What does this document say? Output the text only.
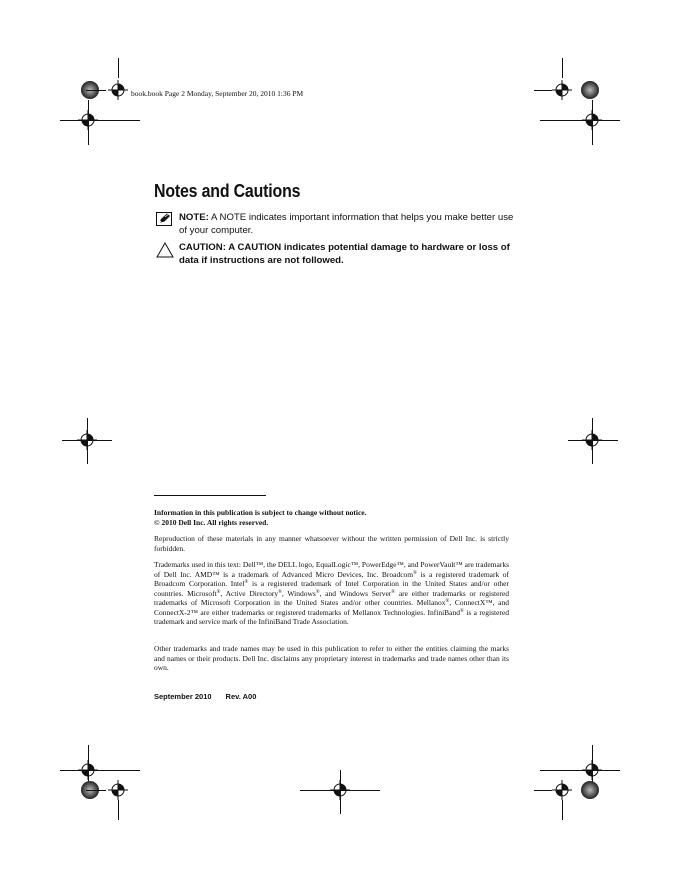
book.book Page 2 Monday, September 20, 2010 1:36 PM
Notes and Cautions
NOTE: A NOTE indicates important information that helps you make better use of your computer.
CAUTION: A CAUTION indicates potential damage to hardware or loss of data if instructions are not followed.
Information in this publication is subject to change without notice.
© 2010 Dell Inc. All rights reserved.
Reproduction of these materials in any manner whatsoever without the written permission of Dell Inc. is strictly forbidden.
Trademarks used in this text: Dell™, the DELL logo, EqualLogic™, PowerEdge™, and PowerVault™ are trademarks of Dell Inc. AMD™ is a trademark of Advanced Micro Devices, Inc. Broadcom® is a registered trademark of Broadcom Corporation. Intel® is a registered trademark of Intel Corporation in the United States and/or other countries. Microsoft®, Active Directory®, Windows®, and Windows Server® are either trademarks or registered trademarks of Microsoft Corporation in the United States and/or other countries. Mellanox®, ConnectX™, and ConnectX-2™ are either trademarks or registered trademarks of Mellanox Technologies. InfiniBand® is a registered trademark and service mark of the InfiniBand Trade Association.
Other trademarks and trade names may be used in this publication to refer to either the entities claiming the marks and names or their products. Dell Inc. disclaims any proprietary interest in trademarks and trade names other than its own.
September 2010 Rev. A00
